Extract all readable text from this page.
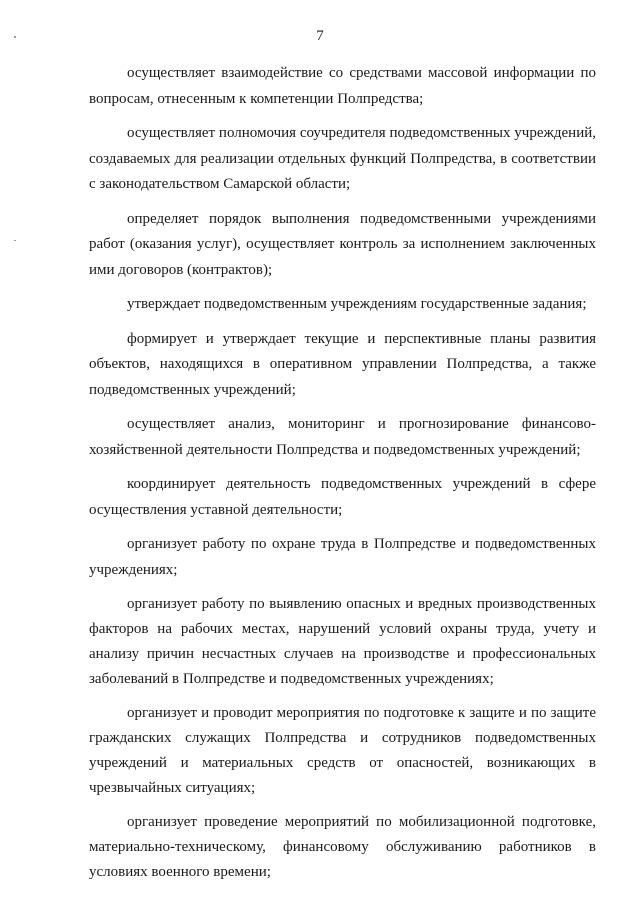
7

осуществляет взаимодействие со средствами массовой информации по вопросам, отнесенным к компетенции Полпредства;

осуществляет полномочия соучредителя подведомственных учреждений, создаваемых для реализации отдельных функций Полпредства, в соответствии с законодательством Самарской области;

определяет порядок выполнения подведомственными учреждениями работ (оказания услуг), осуществляет контроль за исполнением заключенных ими договоров (контрактов);

утверждает подведомственным учреждениям государственные задания;

формирует и утверждает текущие и перспективные планы развития объектов, находящихся в оперативном управлении Полпредства, а также подведомственных учреждений;

осуществляет анализ, мониторинг и прогнозирование финансово-хозяйственной деятельности Полпредства и подведомственных учреждений;

координирует деятельность подведомственных учреждений в сфере осуществления уставной деятельности;

организует работу по охране труда в Полпредстве и подведомственных учреждениях;

организует работу по выявлению опасных и вредных производственных факторов на рабочих местах, нарушений условий охраны труда, учету и анализу причин несчастных случаев на производстве и профессиональных заболеваний в Полпредстве и подведомственных учреждениях;

организует и проводит мероприятия по подготовке к защите и по защите гражданских служащих Полпредства и сотрудников подведомственных учреждений и материальных средств от опасностей, возникающих в чрезвычайных ситуациях;

организует проведение мероприятий по мобилизационной подготовке, материально-техническому, финансовому обслуживанию работников в условиях военного времени;
